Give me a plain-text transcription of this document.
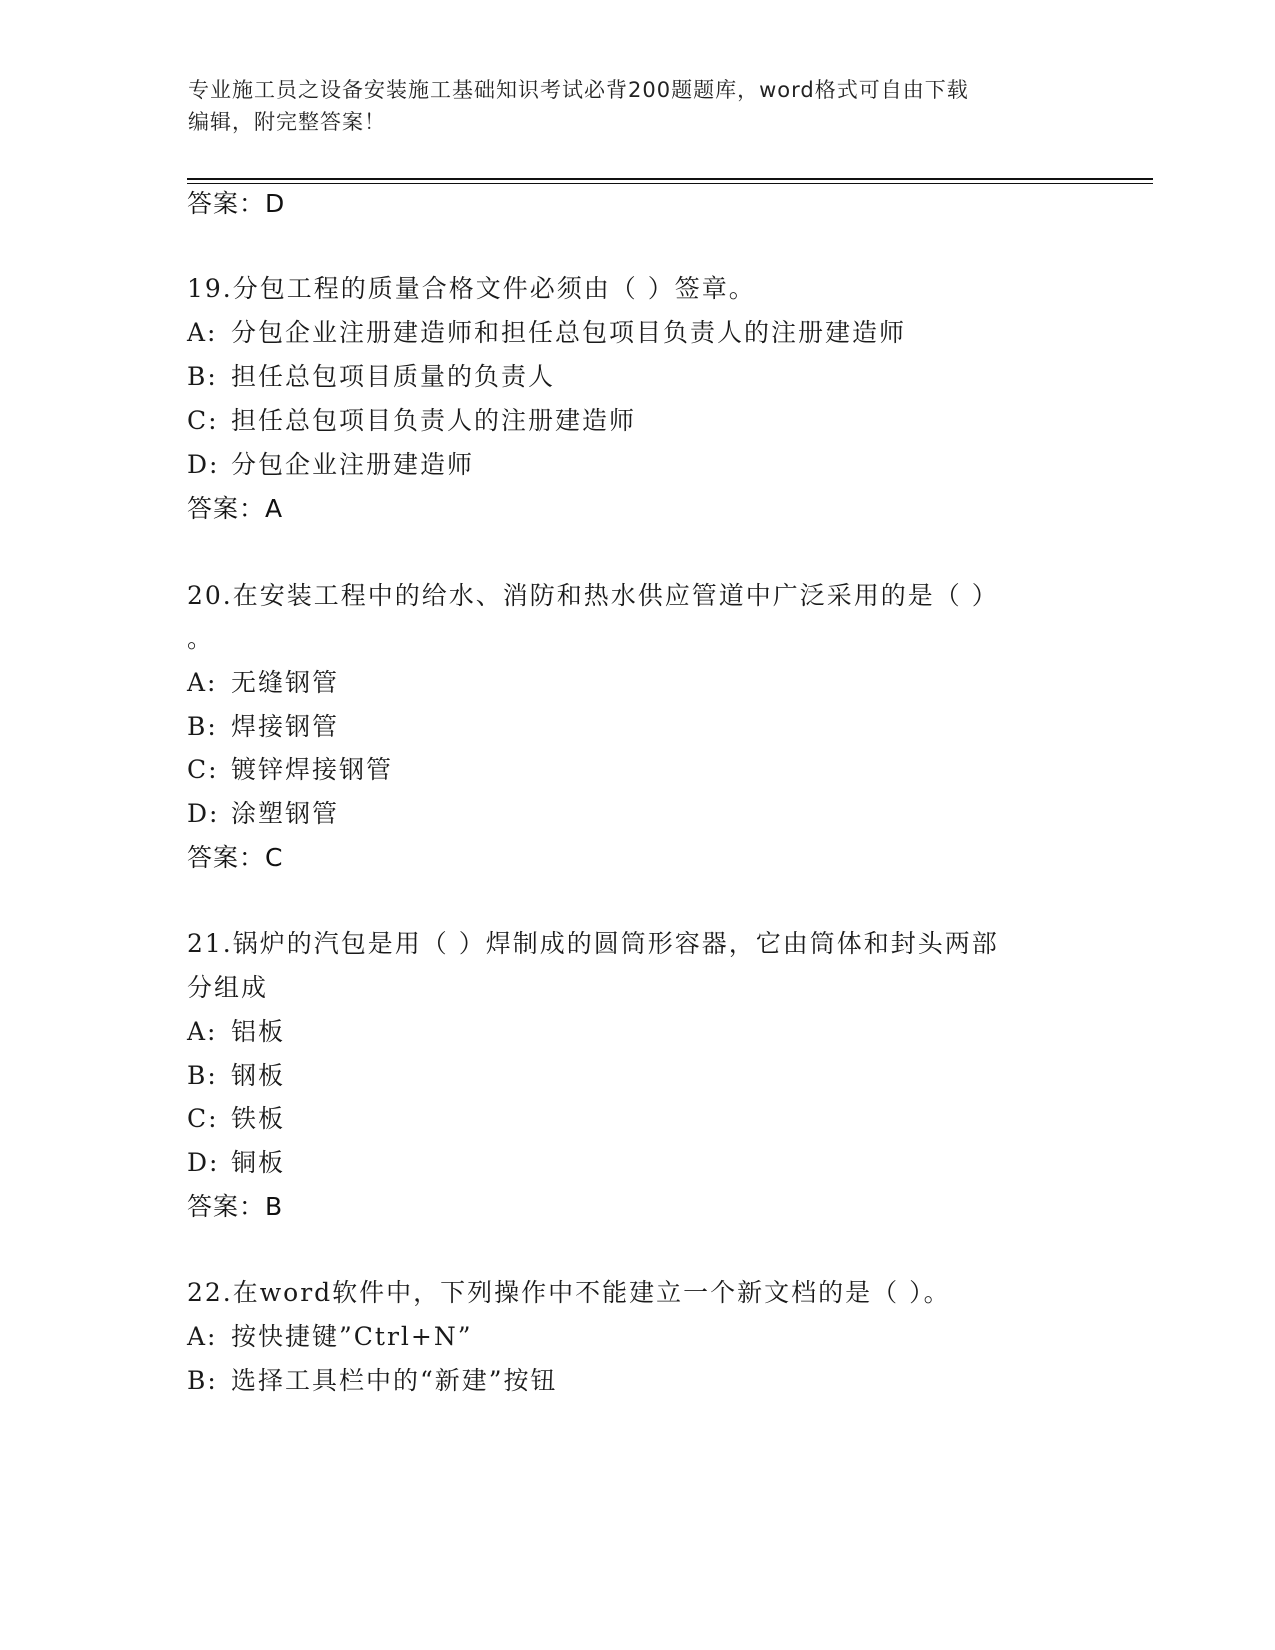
专业施工员之设备安装施工基础知识考试必背200题题库，word格式可自由下载
编辑，附完整答案！
答案：D
19.分包工程的质量合格文件必须由（ ）签章。
A: 分包企业注册建造师和担任总包项目负责人的注册建造师
B: 担任总包项目质量的负责人
C: 担任总包项目负责人的注册建造师
D: 分包企业注册建造师
答案：A
20.在安装工程中的给水、消防和热水供应管道中广泛采用的是（ ）
。
A: 无缝钢管
B: 焊接钢管
C: 镀锌焊接钢管
D: 涂塑钢管
答案：C
21.锅炉的汽包是用（ ）焊制成的圆筒形容器，它由筒体和封头两部
分组成
A: 铝板
B: 钢板
C: 铁板
D: 铜板
答案：B
22.在word软件中，下列操作中不能建立一个新文档的是（ ）。
A: 按快捷键”Ctrl+N”
B: 选择工具栏中的“新建”按钮
